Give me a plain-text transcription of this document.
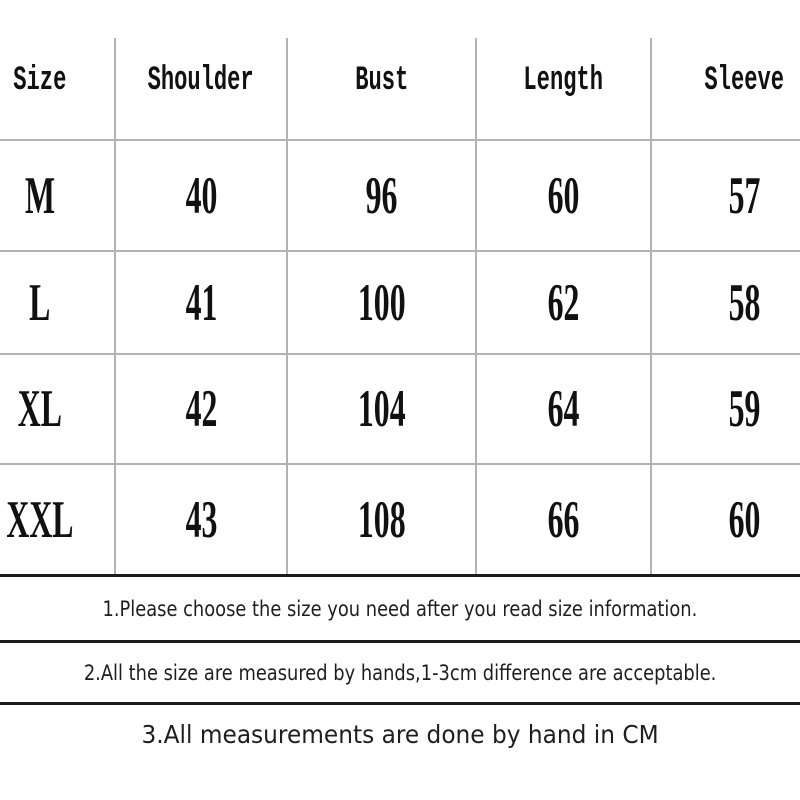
Size Shoulder	Bust	Length	Sleeve
M 40	96	60	57
L	41	100	62	58
XL 42	104	64	59
XXL 43	108	66	60
1.Please choose the size you need after you read size information.
2.All the size are measured by hands,1-3cm difference are acceptable.
3.All measurements are done by hand in CM
